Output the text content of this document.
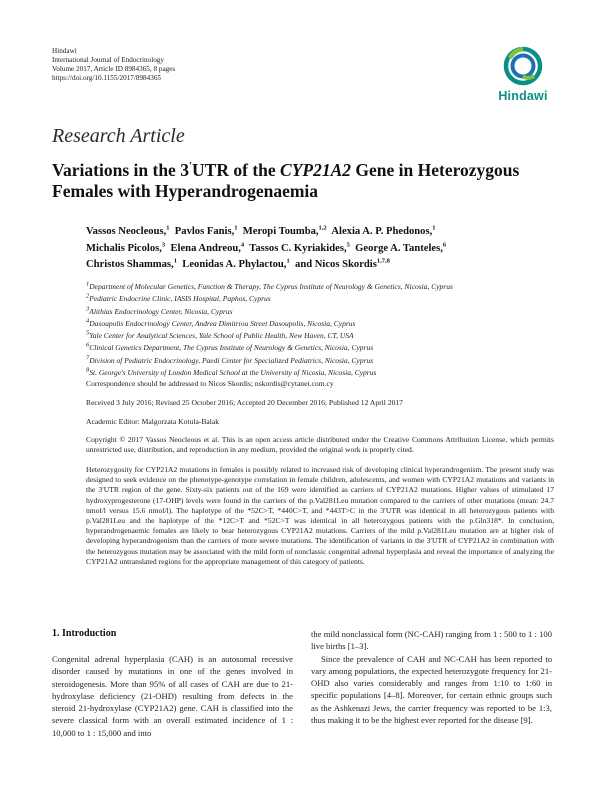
Hindawi
International Journal of Endocrinology
Volume 2017, Article ID 8984365, 8 pages
https://doi.org/10.1155/2017/8984365
Hindawi
Research Article
Variations in the 3′UTR of the CYP21A2 Gene in Heterozygous Females with Hyperandrogenaemia
Vassos Neocleous,$^1$ Pavlos Fanis,$^1$ Meropi Toumba,$^{1,2}$ Alexia A. P. Phedonos,$^1$
Michalis Picolos,$^3$ Elena Andreou,$^4$ Tassos C. Kyriakides,$^5$ George A. Tanteles,$^6$
Christos Shammas,$^1$ Leonidas A. Phylactou,$^1$ and Nicos Skordis$^{1,7,8}$
$^1$Department of Molecular Genetics, Function & Therapy, The Cyprus Institute of Neurology & Genetics, Nicosia, Cyprus
$^2$Pediatric Endocrine Clinic, IASIS Hospital, Paphos, Cyprus
$^3$Alithias Endocrinology Center, Nicosia, Cyprus
$^4$Dasoupolis Endocrinology Center, Andrea Dimitriou Street Dasoupolis, Nicosia, Cyprus
$^5$Yale Center for Analytical Sciences, Yale School of Public Health, New Haven, CT, USA
$^6$Clinical Genetics Department, The Cyprus Institute of Neurology & Genetics, Nicosia, Cyprus
$^7$Division of Pediatric Endocrinology, Paedi Center for Specialized Pediatrics, Nicosia, Cyprus
$^8$St. George's University of London Medical School at the University of Nicosia, Nicosia, Cyprus
Correspondence should be addressed to Nicos Skordis; nskordis@cytanet.com.cy
Received 3 July 2016; Revised 25 October 2016; Accepted 20 December 2016; Published 12 April 2017
Academic Editor: Malgorzata Kotula-Balak

Copyright © 2017 Vassos Neocleous et al. This is an open access article distributed under the Creative Commons Attribution License, which permits unrestricted use, distribution, and reproduction in any medium, provided the original work is properly cited.

Heterozygosity for CYP21A2 mutations in females is possibly related to increased risk of developing clinical hyperandrogenism. The present study was designed to seek evidence on the phenotype-genotype correlation in female children, adolescents, and women with CYP21A2 mutations and variants in the 3′UTR region of the gene. Sixty-six patients out of the 169 were identified as carriers of CYP21A2 mutations. Higher values of stimulated 17 hydroxyprogesterone (17-OHP) levels were found in the carriers of the p.Val281Leu mutation compared to the carriers of other mutations (mean: 24.7 nmol/l versus 15.6 nmol/l). The haplotype of the *52C>T, *440C>T, and *443T>C in the 3′UTR was identical in all heterozygous patients with p.Val281Leu and the haplotype of the *12C>T and *52C>T was identical in all heterozygous patients with the p.Gln318*. In conclusion, hyperandrogenaemic females are likely to bear heterozygous CYP21A2 mutations. Carriers of the mild p.Val281Leu mutation are at higher risk of developing hyperandrogenism than the carriers of more severe mutations. The identification of variants in the 3′UTR of CYP21A2 in combination with the heterozygous mutation may be associated with the mild form of nonclassic congenital adrenal hyperplasia and reveal the importance of analyzing the CYP21A2 untranslated regions for the appropriate management of this category of patients.

1. Introduction

Congenital adrenal hyperplasia (CAH) is an autosomal recessive disorder caused by mutations in one of the genes involved in steroidogenesis. More than 95% of all cases of CAH are due to 21-hydroxylase deficiency (21-OHD) resulting from defects in the steroid 21-hydroxylase (CYP21A2) gene. CAH is classified into the severe classical form with an overall estimated incidence of 1 : 10,000 to 1 : 15,000 and into

the mild nonclassical form (NC-CAH) ranging from 1 : 500 to 1 : 100 live births [1–3].

Since the prevalence of CAH and NC-CAH has been reported to vary among populations, the expected heterozygote frequency for 21-OHD also varies considerably and ranges from 1:10 to 1:60 in specific populations [4–8]. Moreover, for certain ethnic groups such as the Ashkenazi Jews, the carrier frequency was reported to be 1:3, thus making it to be the highest ever reported for the disease [9].
